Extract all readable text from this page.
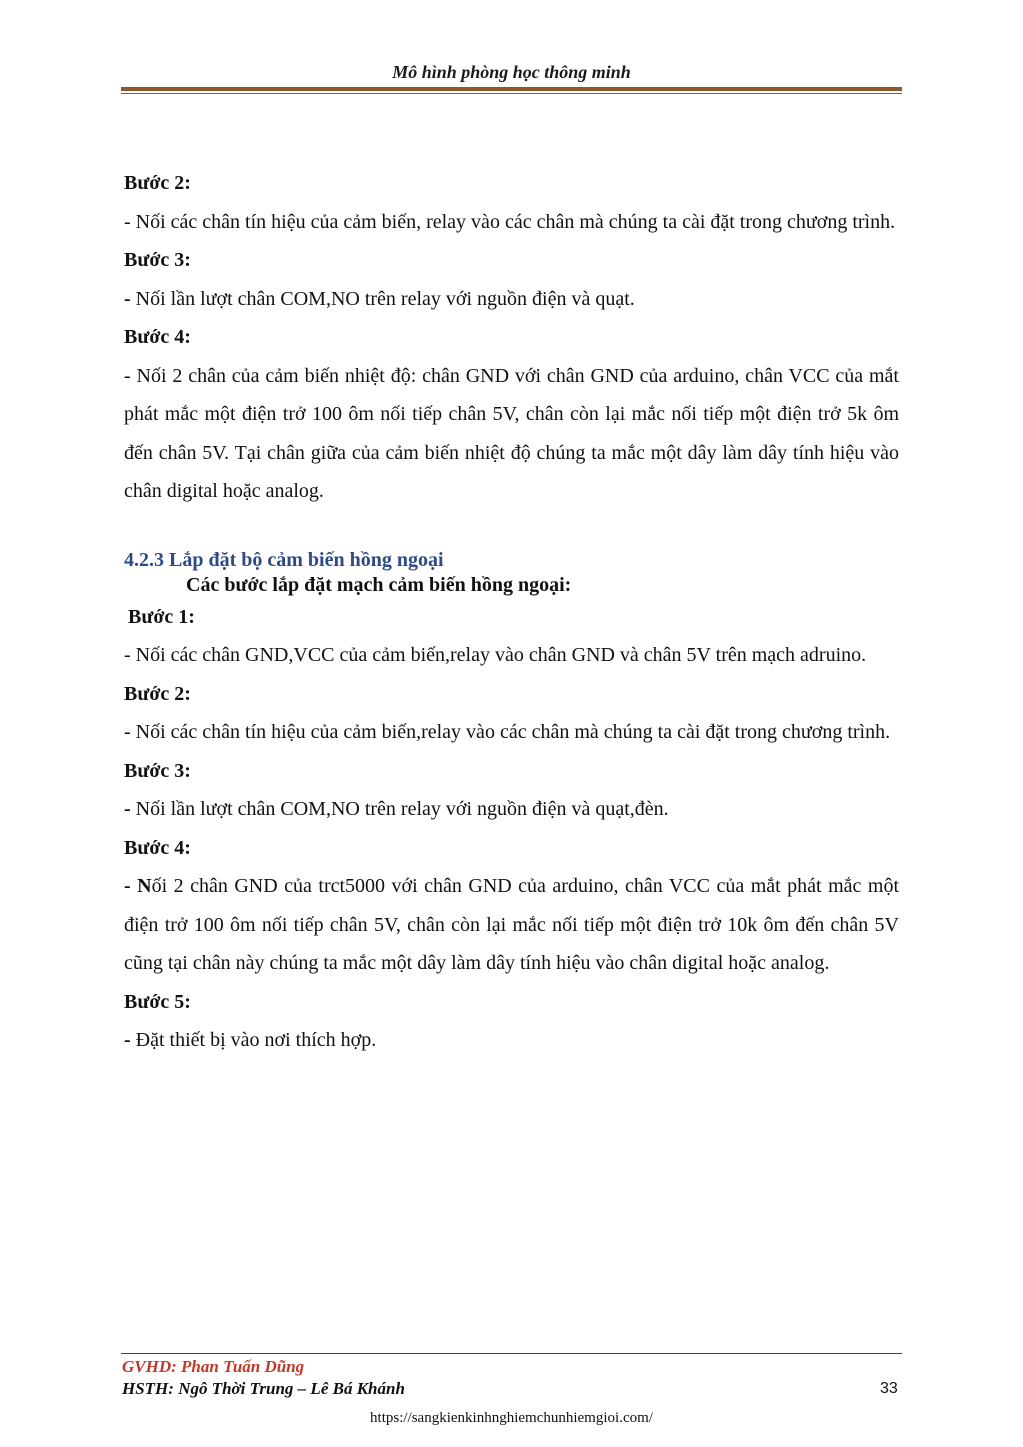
Mô hình phòng học thông minh

Bước 2:

- Nối các chân tín hiệu của cảm biến, relay vào các chân mà chúng ta cài đặt trong chương trình.

Bước 3:

- Nối lần lượt chân COM,NO trên relay với nguồn điện và quạt.

Bước 4:

- Nối 2 chân của cảm biến nhiệt độ: chân GND với chân GND của arduino, chân VCC của mắt phát mắc một điện trở 100 ôm nối tiếp chân 5V, chân còn lại mắc nối tiếp một điện trở 5k ôm đến chân 5V. Tại chân giữa của cảm biến nhiệt độ chúng ta mắc một dây làm dây tính hiệu vào chân digital hoặc analog.

4.2.3 Lắp đặt bộ cảm biến hồng ngoại

Các bước lắp đặt mạch cảm biến hồng ngoại:

Bước 1:

- Nối các chân GND,VCC của cảm biến,relay vào chân GND và chân 5V trên mạch adruino.

Bước 2:

- Nối các chân tín hiệu của cảm biến,relay vào các chân mà chúng ta cài đặt trong chương trình.

Bước 3:

- Nối lần lượt chân COM,NO trên relay với nguồn điện và quạt,đèn.

Bước 4:

- Nối 2 chân GND của trct5000 với chân GND của arduino, chân VCC của mắt phát mắc một điện trở 100 ôm nối tiếp chân 5V, chân còn lại mắc nối tiếp một điện trở 10k ôm đến chân 5V cũng tại chân này chúng ta mắc một dây làm dây tính hiệu vào chân digital hoặc analog.

Bước 5:

- Đặt thiết bị vào nơi thích hợp.

GVHD: Phan Tuấn Dũng
HSTH: Ngô Thời Trung – Lê Bá Khánh	33
https://sangkienkinhnghiemchunhiemgioi.com/
